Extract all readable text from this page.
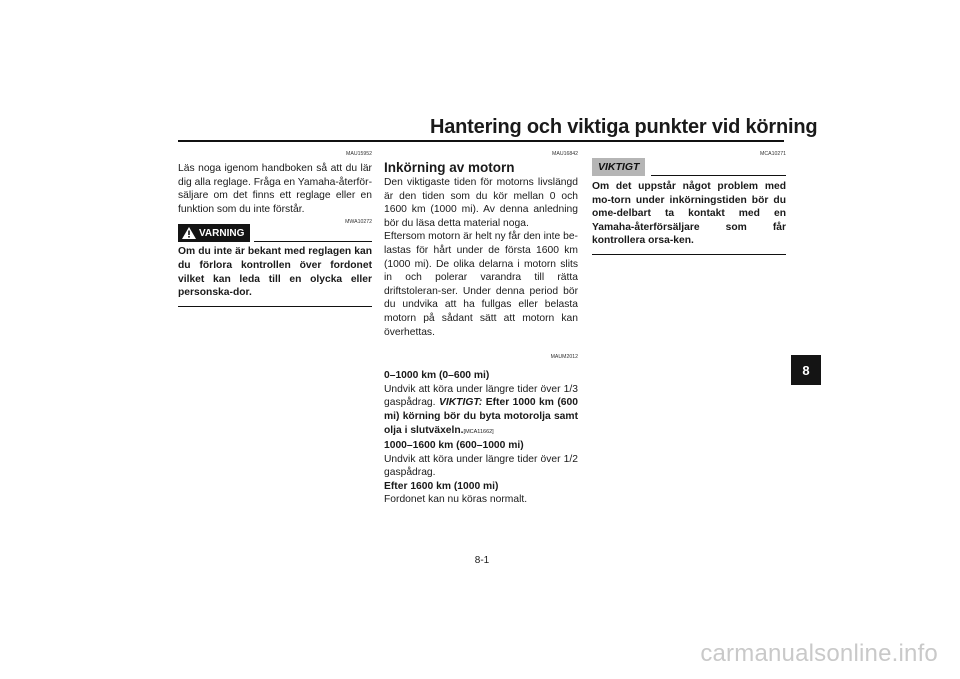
Hantering och viktiga punkter vid körning
MAU15952

Läs noga igenom handboken så att du lär dig alla reglage. Fråga en Yamaha-återför-säljare om det finns ett reglage eller en funktion som du inte förstår.

MWA10272
VARNING

Om du inte är bekant med reglagen kan du förlora kontrollen över fordonet vilket kan leda till en olycka eller personska-dor.

MAU16842
Inkörning av motorn

Den viktigaste tiden för motorns livslängd är den tiden som du kör mellan 0 och 1600 km (1000 mi). Av denna anledning bör du läsa detta material noga.

Eftersom motorn är helt ny får den inte be-lastas för hårt under de första 1600 km (1000 mi). De olika delarna i motorn slits in och polerar varandra till rätta driftstoleran-ser. Under denna period bör du undvika att ha fullgas eller belasta motorn på sådant sätt att motorn kan överhettas.

MAUM2012
0–1000 km (0–600 mi)

Undvik att köra under längre tider över 1/3 gaspådrag. VIKTIGT: Efter 1000 km (600 mi) körning bör du byta motorolja samt olja i slutväxeln.[MCA11662]

1000–1600 km (600–1000 mi)

Undvik att köra under längre tider över 1/2 gaspådrag.

Efter 1600 km (1000 mi)

Fordonet kan nu köras normalt.

MCA10271
VIKTIGT

Om det uppstår något problem med mo-torn under inkörningstiden bör du ome-delbart ta kontakt med en Yamaha-återförsäljare som får kontrollera orsa-ken.

8-1
8
carmanualsonline.info
